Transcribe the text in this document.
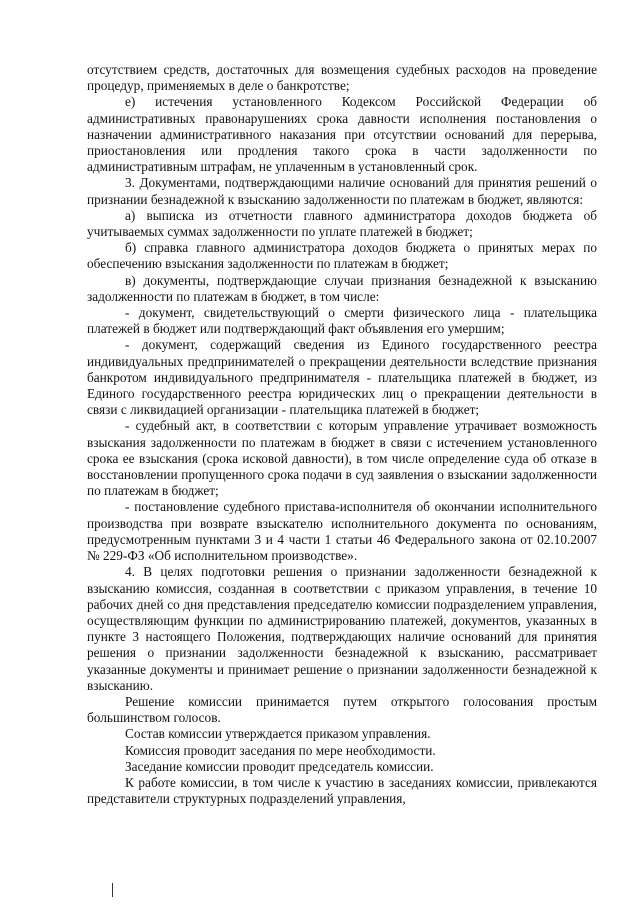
отсутствием средств, достаточных для возмещения судебных расходов на проведение процедур, применяемых в деле о банкротстве;

е) истечения установленного Кодексом Российской Федерации об административных правонарушениях срока давности исполнения постановления о назначении административного наказания при отсутствии оснований для перерыва, приостановления или продления такого срока в части задолженности по административным штрафам, не уплаченным в установленный срок.

3. Документами, подтверждающими наличие оснований для принятия решений о признании безнадежной к взысканию задолженности по платежам в бюджет, являются:

а) выписка из отчетности главного администратора доходов бюджета об учитываемых суммах задолженности по уплате платежей в бюджет;

б) справка главного администратора доходов бюджета о принятых мерах по обеспечению взыскания задолженности по платежам в бюджет;

в) документы, подтверждающие случаи признания безнадежной к взысканию задолженности по платежам в бюджет, в том числе:

- документ, свидетельствующий о смерти физического лица - плательщика платежей в бюджет или подтверждающий факт объявления его умершим;

- документ, содержащий сведения из Единого государственного реестра индивидуальных предпринимателей о прекращении деятельности вследствие признания банкротом индивидуального предпринимателя - плательщика платежей в бюджет, из Единого государственного реестра юридических лиц о прекращении деятельности в связи с ликвидацией организации - плательщика платежей в бюджет;

- судебный акт, в соответствии с которым управление утрачивает возможность взыскания задолженности по платежам в бюджет в связи с истечением установленного срока ее взыскания (срока исковой давности), в том числе определение суда об отказе в восстановлении пропущенного срока подачи в суд заявления о взыскании задолженности по платежам в бюджет;

- постановление судебного пристава-исполнителя об окончании исполнительного производства при возврате взыскателю исполнительного документа по основаниям, предусмотренным пунктами 3 и 4 части 1 статьи 46 Федерального закона от 02.10.2007 № 229-ФЗ «Об исполнительном производстве».

4. В целях подготовки решения о признании задолженности безнадежной к взысканию комиссия, созданная в соответствии с приказом управления, в течение 10 рабочих дней со дня представления председателю комиссии подразделением управления, осуществляющим функции по администрированию платежей, документов, указанных в пункте 3 настоящего Положения, подтверждающих наличие оснований для принятия решения о признании задолженности безнадежной к взысканию, рассматривает указанные документы и принимает решение о признании задолженности безнадежной к взысканию.

Решение комиссии принимается путем открытого голосования простым большинством голосов.

Состав комиссии утверждается приказом управления.

Комиссия проводит заседания по мере необходимости.

Заседание комиссии проводит председатель комиссии.

К работе комиссии, в том числе к участию в заседаниях комиссии, привлекаются представители структурных подразделений управления,
